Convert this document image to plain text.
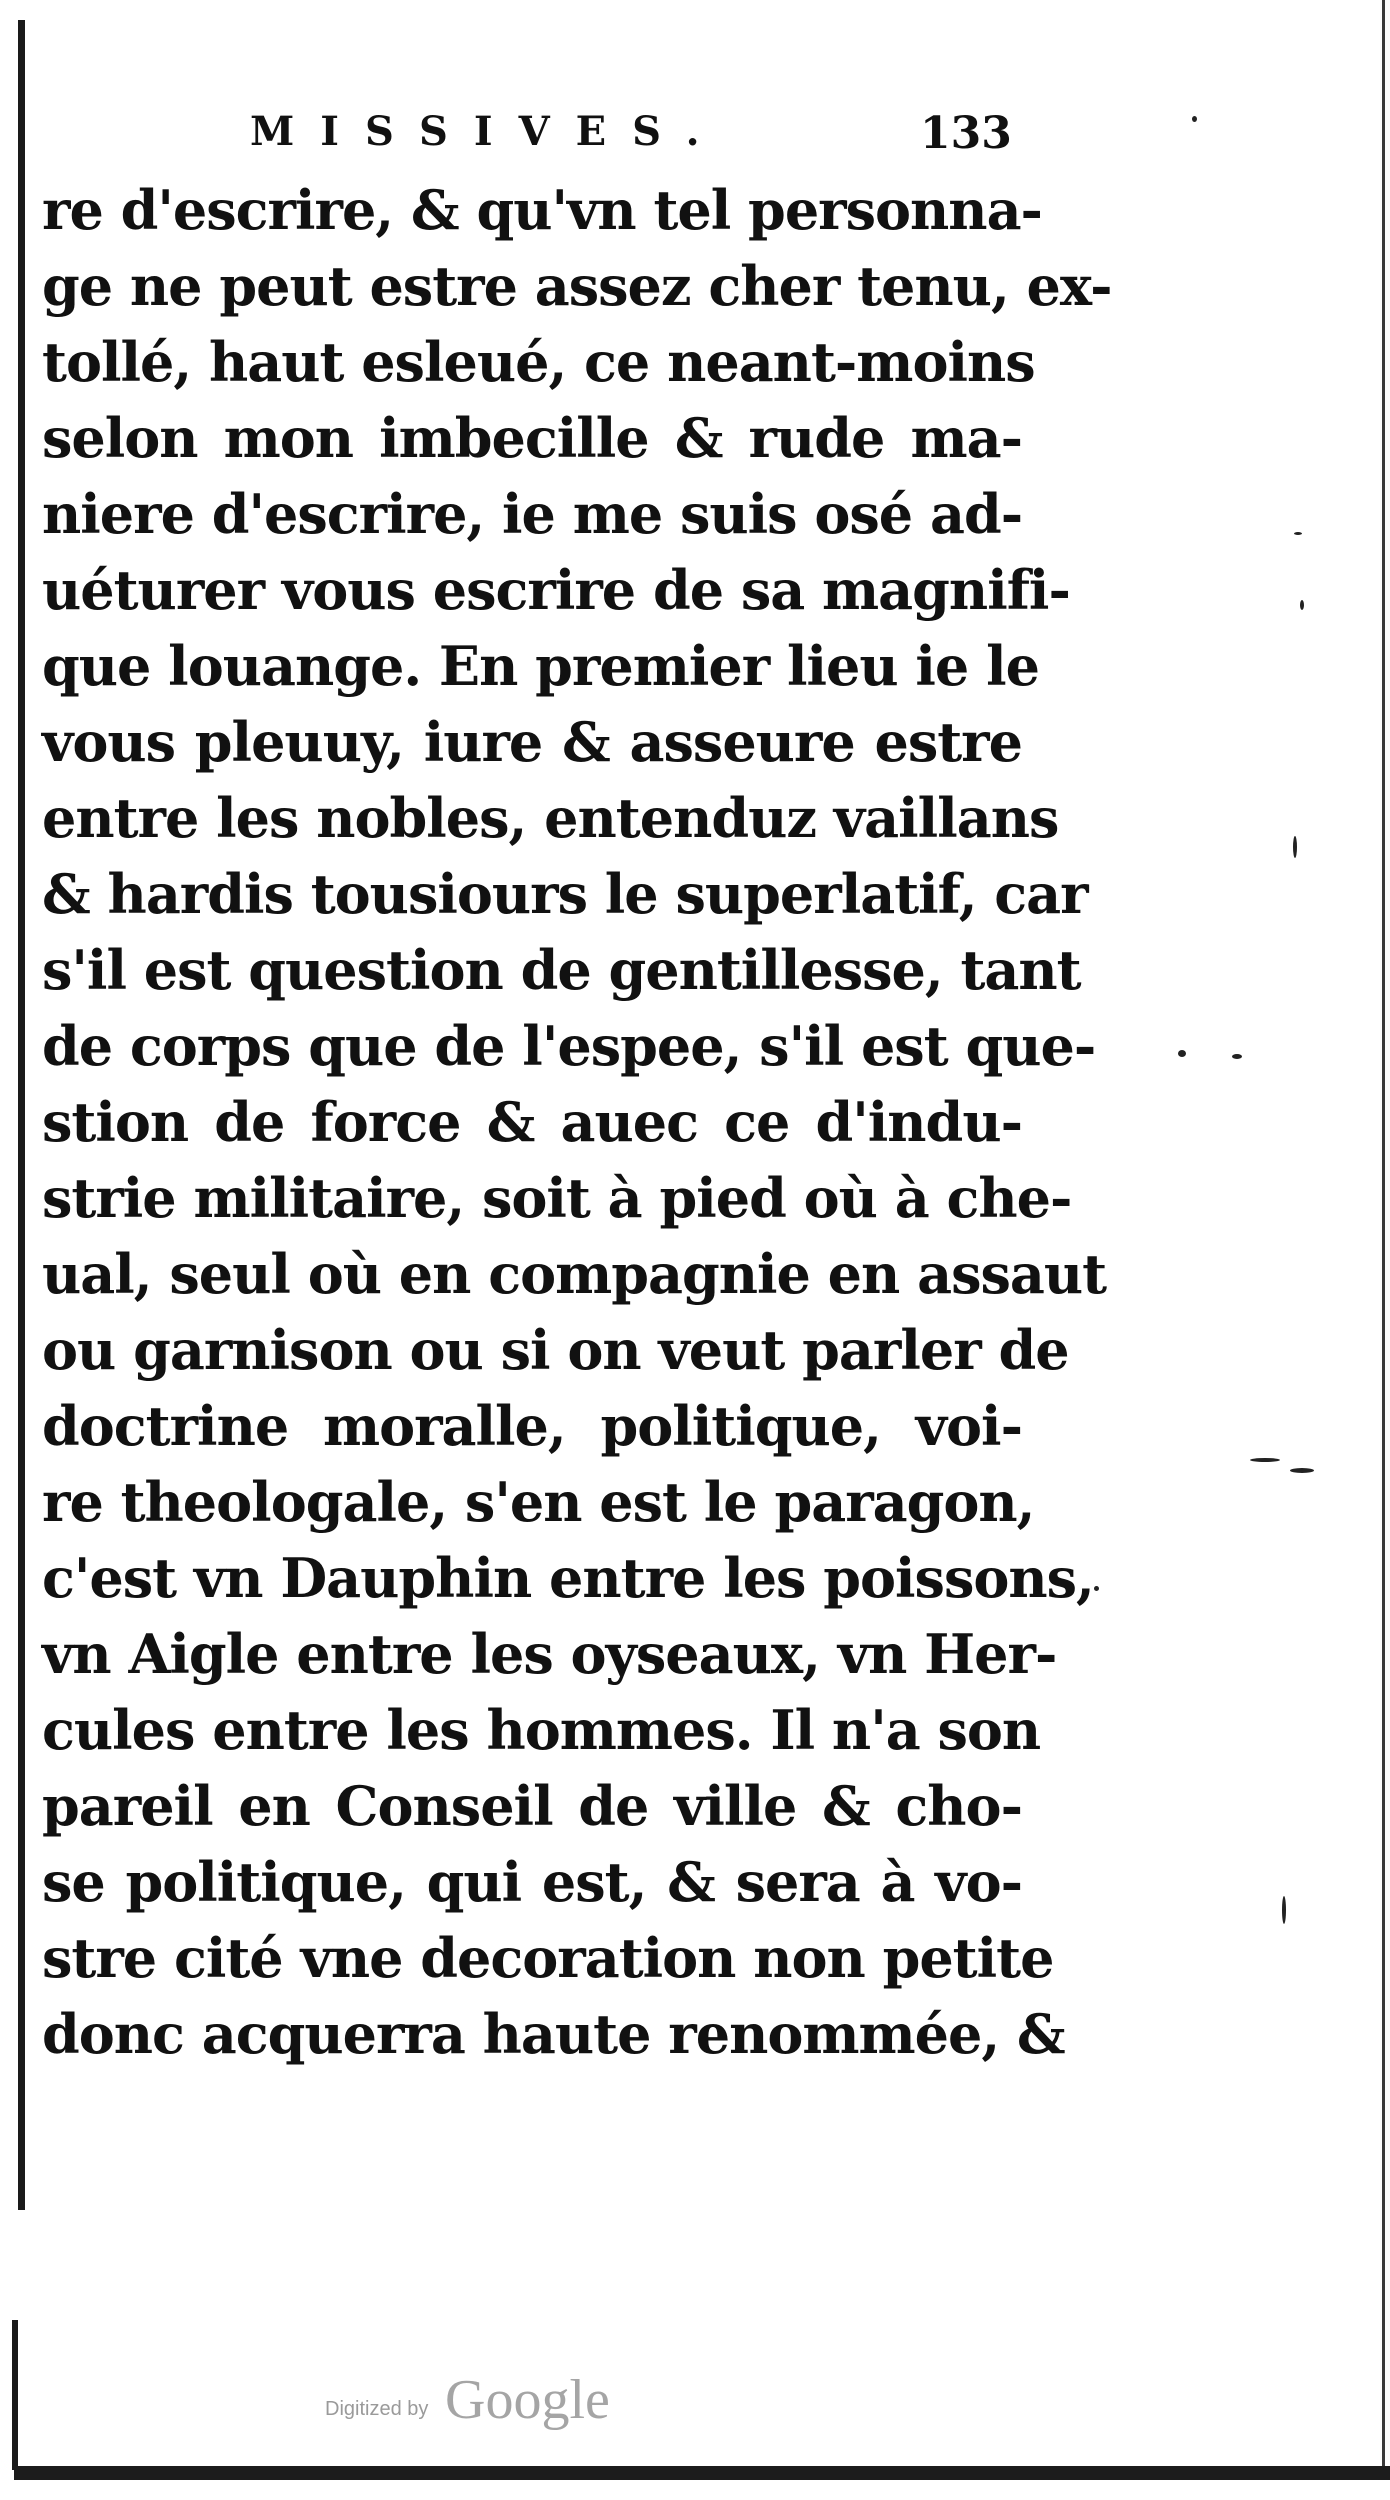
MISSIVES.	133
re d'escrire, & qu'vn tel personna-
ge ne peut estre assez cher tenu, ex-
tollé, haut esleué, ce neant-moins
selon mon imbecille & rude ma-
niere d'escrire, ie me suis osé ad-
uéturer vous escrire de sa magnifi-
que louange. En premier lieu ie le
vous pleuuy, iure & asseure estre
entre les nobles, entenduz vaillans
& hardis tousiours le superlatif, car
s'il est question de gentillesse, tant
de corps que de l'espee, s'il est que-
stion de force & auec ce d'indu-
strie militaire, soit à pied où à che-
ual, seul où en compagnie en assaut
ou garnison ou si on veut parler de
doctrine moralle, politique, voi-
re theologale, s'en est le paragon,
c'est vn Dauphin entre les poissons,
vn Aigle entre les oyseaux, vn Her-
cules entre les hommes. Il n'a son
pareil en Conseil de ville & cho-
se politique, qui est, & sera à vo-
stre cité vne decoration non petite
donc acquerra haute renommée, &
Digitized by Google
